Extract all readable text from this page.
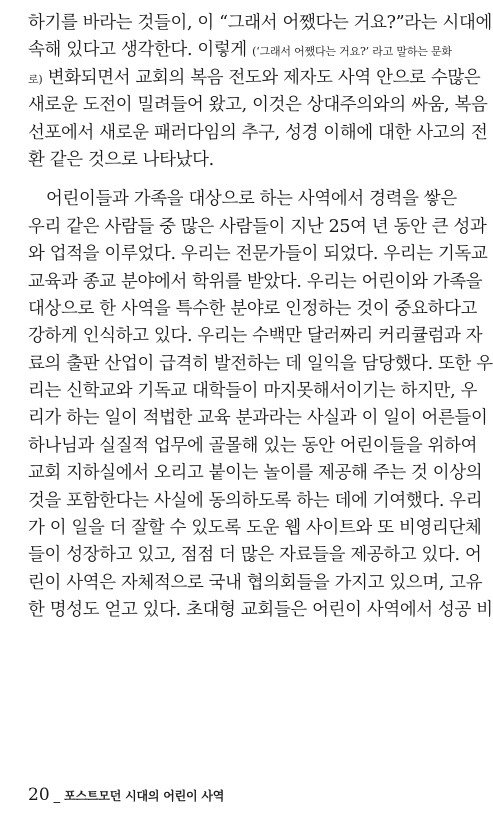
하기를 바라는 것들이, 이 “그래서 어쨌다는 거요?”라는 시대에
속해 있다고 생각한다. 이렇게 (‘그래서 어쨌다는 거요?’ 라고 말하는 문화
로) 변화되면서 교회의 복음 전도와 제자도 사역 안으로 수많은
새로운 도전이 밀려들어 왔고, 이것은 상대주의와의 싸움, 복음
선포에서 새로운 패러다임의 추구, 성경 이해에 대한 사고의 전
환 같은 것으로 나타났다.
어린이들과 가족을 대상으로 하는 사역에서 경력을 쌓은
우리 같은 사람들 중 많은 사람들이 지난 25여 년 동안 큰 성과
와 업적을 이루었다. 우리는 전문가들이 되었다. 우리는 기독교
교육과 종교 분야에서 학위를 받았다. 우리는 어린이와 가족을
대상으로 한 사역을 특수한 분야로 인정하는 것이 중요하다고
강하게 인식하고 있다. 우리는 수백만 달러짜리 커리큘럼과 자
료의 출판 산업이 급격히 발전하는 데 일익을 담당했다. 또한 우
리는 신학교와 기독교 대학들이 마지못해서이기는 하지만, 우
리가 하는 일이 적법한 교육 분과라는 사실과 이 일이 어른들이
하나님과 실질적 업무에 골몰해 있는 동안 어린이들을 위하여
교회 지하실에서 오리고 붙이는 놀이를 제공해 주는 것 이상의
것을 포함한다는 사실에 동의하도록 하는 데에 기여했다. 우리
가 이 일을 더 잘할 수 있도록 도운 웹 사이트와 또 비영리단체
들이 성장하고 있고, 점점 더 많은 자료들을 제공하고 있다. 어
린이 사역은 자체적으로 국내 협의회들을 가지고 있으며, 고유
한 명성도 얻고 있다. 초대형 교회들은 어린이 사역에서 성공 비
20 _ 포스트모던 시대의 어린이 사역
